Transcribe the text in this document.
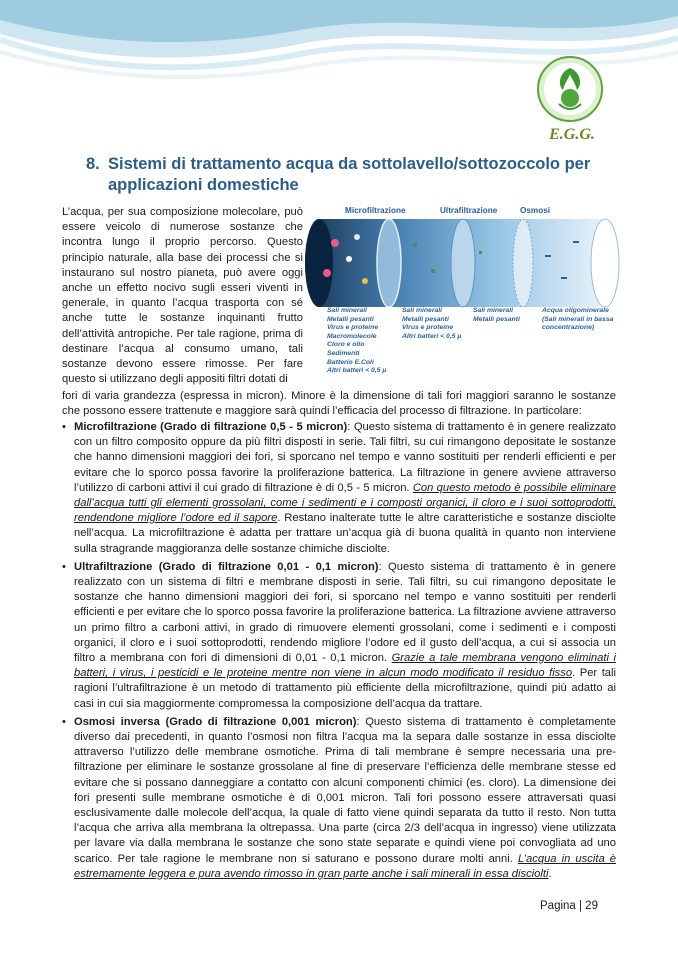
E.G.G.
8. Sistemi di trattamento acqua da sottolavello/sottozoccolo per
applicazioni domestiche
L’acqua, per sua composizione molecolare, può essere veicolo di numerose sostanze che incontra lungo il proprio percorso. Questo principio naturale, alla base dei processi che si instaurano sul nostro pianeta, può avere oggi anche un effetto nocivo sugli esseri viventi in generale, in quanto l’acqua trasporta con sé anche tutte le sostanze inquinanti frutto dell’attività antropiche. Per tale ragione, prima di destinare l’acqua al consumo umano, tali sostanze devono essere rimosse. Per fare questo si utilizzano degli appositi filtri dotati di
Microfiltrazione	Ultrafiltrazione	Osmosi
Sali minerali
Metalli pesanti
Virus e proteine
Macromolecole
Cloro e olio
Sedimenti
Batterio E.Coli
Altri batteri < 0,5 µ
Sali minerali
Metalli pesanti
Virus e proteine
Altri batteri < 0,5 µ
Sali minerali
Metalli pesanti
Acqua oligominerale
(Sali minerali in bassa
concentrazione)
fori di varia grandezza (espressa in micron). Minore è la dimensione di tali fori maggiori saranno le sostanze che possono essere trattenute e maggiore sarà quindi l’efficacia del processo di filtrazione. In particolare:
• Microfiltrazione (Grado di filtrazione 0,5 - 5 micron): Questo sistema di trattamento è in genere realizzato con un filtro composito oppure da più filtri disposti in serie. Tali filtri, su cui rimangono depositate le sostanze che hanno dimensioni maggiori dei fori, si sporcano nel tempo e vanno sostituiti per renderli efficienti e per evitare che lo sporco possa favorire la proliferazione batterica. La filtrazione in genere avviene attraverso l’utilizzo di carboni attivi il cui grado di filtrazione è di 0,5 - 5 micron. Con questo metodo è possibile eliminare dall’acqua tutti gli elementi grossolani, come i sedimenti e i composti organici, il cloro e i suoi sottoprodotti, rendendone migliore l’odore ed il sapore. Restano inalterate tutte le altre caratteristiche e sostanze disciolte nell’acqua. La microfiltrazione è adatta per trattare un’acqua già di buona qualità in quanto non interviene sulla stragrande maggioranza delle sostanze chimiche disciolte.
• Ultrafiltrazione (Grado di filtrazione 0,01 - 0,1 micron): Questo sistema di trattamento è in genere realizzato con un sistema di filtri e membrane disposti in serie. Tali filtri, su cui rimangono depositate le sostanze che hanno dimensioni maggiori dei fori, si sporcano nel tempo e vanno sostituiti per renderli efficienti e per evitare che lo sporco possa favorire la proliferazione batterica. La filtrazione avviene attraverso un primo filtro a carboni attivi, in grado di rimuovere elementi grossolani, come i sedimenti e i composti organici, il cloro e i suoi sottoprodotti, rendendo migliore l’odore ed il gusto dell’acqua, a cui si associa un filtro a membrana con fori di dimensioni di 0,01 - 0,1 micron. Grazie a tale membrana vengono eliminati i batteri, i virus, i pesticidi e le proteine mentre non viene in alcun modo modificato il residuo fisso. Per tali ragioni l’ultrafiltrazione è un metodo di trattamento più efficiente della microfiltrazione, quindi più adatto ai casi in cui sia maggiormente compromessa la composizione dell’acqua da trattare.
• Osmosi inversa (Grado di filtrazione 0,001 micron): Questo sistema di trattamento è completamente diverso dai precedenti, in quanto l’osmosi non filtra l’acqua ma la separa dalle sostanze in essa disciolte attraverso l’utilizzo delle membrane osmotiche. Prima di tali membrane è sempre necessaria una pre-filtrazione per eliminare le sostanze grossolane al fine di preservare l’efficienza delle membrane stesse ed evitare che si possano danneggiare a contatto con alcuni componenti chimici (es. cloro). La dimensione dei fori presenti sulle membrane osmotiche è di 0,001 micron. Tali fori possono essere attraversati quasi esclusivamente dalle molecole dell’acqua, la quale di fatto viene quindi separata da tutto il resto. Non tutta l’acqua che arriva alla membrana la oltrepassa. Una parte (circa 2/3 dell’acqua in ingresso) viene utilizzata per lavare via dalla membrana le sostanze che sono state separate e quindi viene poi convogliata ad uno scarico. Per tale ragione le membrane non si saturano e possono durare molti anni. L’acqua in uscita è estremamente leggera e pura avendo rimosso in gran parte anche i sali minerali in essa disciolti.
Pagina | 29
